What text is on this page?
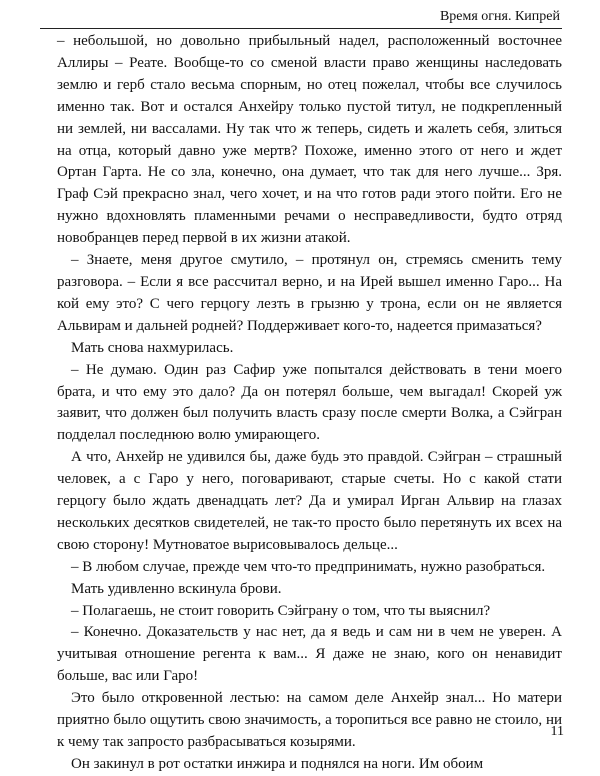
Время огня. Кипрей

– небольшой, но довольно прибыльный надел, расположенный восточнее Аллиры – Реате. Вообще-то со сменой власти право женщины наследовать землю и герб стало весьма спорным, но отец пожелал, чтобы все случилось именно так. Вот и остался Анхейру только пустой титул, не подкрепленный ни землей, ни вассалами. Ну так что ж теперь, сидеть и жалеть себя, злиться на отца, который давно уже мертв? Похоже, именно этого от него и ждет Ортан Гарта. Не со зла, конечно, она думает, что так для него лучше... Зря. Граф Сэй прекрасно знал, чего хочет, и на что готов ради этого пойти. Его не нужно вдохновлять пламенными речами о несправедливости, будто отряд новобранцев перед первой в их жизни атакой.

– Знаете, меня другое смутило, – протянул он, стремясь сменить тему разговора. – Если я все рассчитал верно, и на Ирей вышел именно Гаро... На кой ему это? С чего герцогу лезть в грызню у трона, если он не является Альвирам и дальней родней? Поддерживает кого-то, надеется примазаться?

Мать снова нахмурилась.

– Не думаю. Один раз Сафир уже попытался действовать в тени моего брата, и что ему это дало? Да он потерял больше, чем выгадал! Скорей уж заявит, что должен был получить власть сразу после смерти Волка, а Сэйгран подделал последнюю волю умирающего.

А что, Анхейр не удивился бы, даже будь это правдой. Сэйгран – страшный человек, а с Гаро у него, поговаривают, старые счеты. Но с какой стати герцогу было ждать двенадцать лет? Да и умирал Ирган Альвир на глазах нескольких десятков свидетелей, не так-то просто было перетянуть их всех на свою сторону! Мутноватое вырисовывалось дельце...

– В любом случае, прежде чем что-то предпринимать, нужно разобраться.

Мать удивленно вскинула брови.

– Полагаешь, не стоит говорить Сэйграну о том, что ты выяснил?

– Конечно. Доказательств у нас нет, да я ведь и сам ни в чем не уверен. А учитывая отношение регента к вам... Я даже не знаю, кого он ненавидит больше, вас или Гаро!

Это было откровенной лестью: на самом деле Анхейр знал... Но матери приятно было ощутить свою значимость, а торопиться все равно не стоило, ни к чему так запросто разбрасываться козырями.

Он закинул в рот остатки инжира и поднялся на ноги. Им обоим

11
